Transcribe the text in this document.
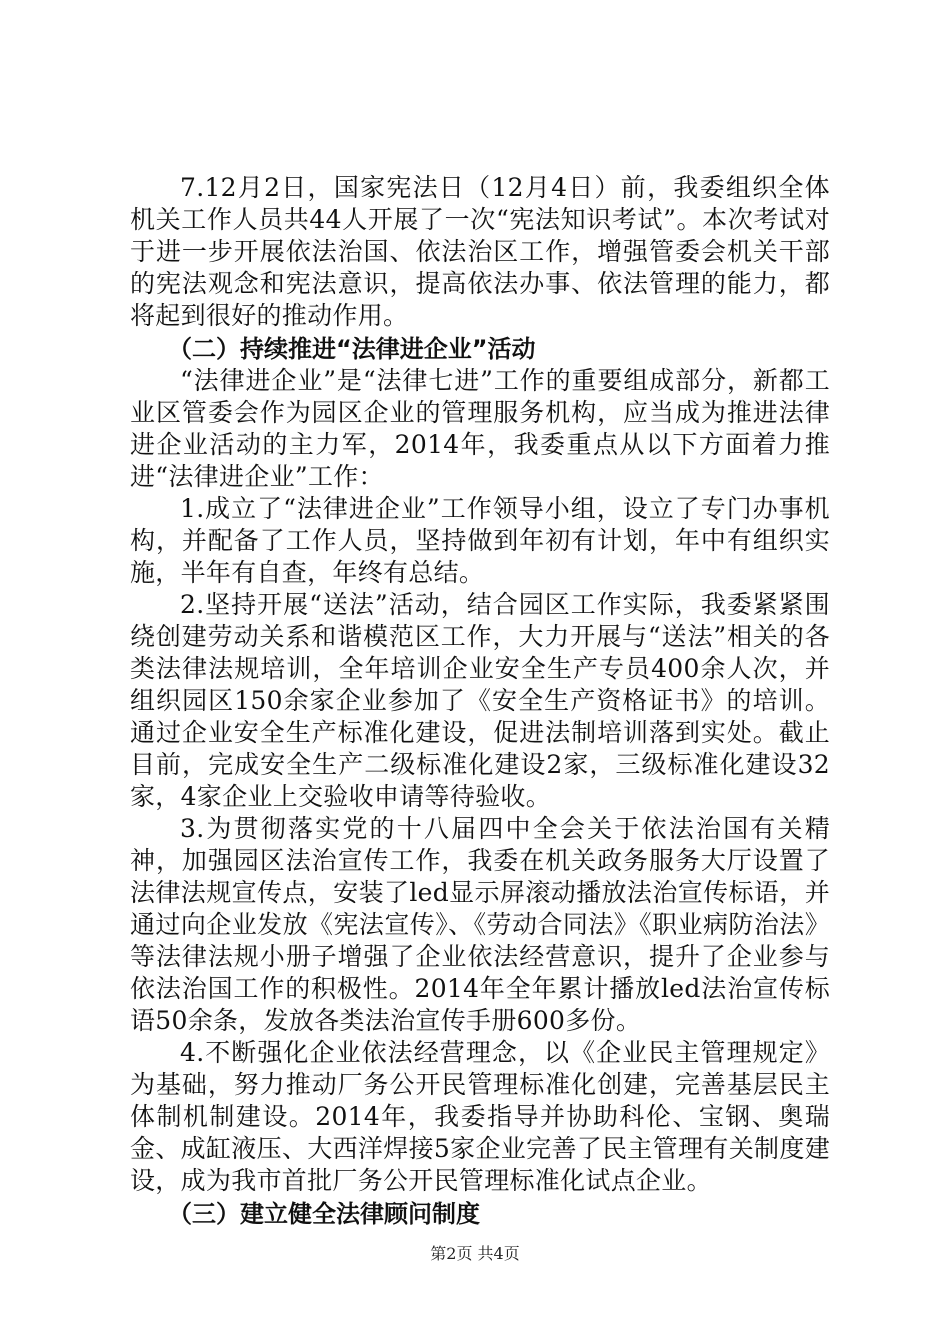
7.12月2日，国家宪法日（12月4日）前，我委组织全体机关工作人员共44人开展了一次“宪法知识考试”。本次考试对于进一步开展依法治国、依法治区工作，增强管委会机关干部的宪法观念和宪法意识，提高依法办事、依法管理的能力，都将起到很好的推动作用。

（二）持续推进“法律进企业”活动

“法律进企业”是“法律七进”工作的重要组成部分，新都工业区管委会作为园区企业的管理服务机构，应当成为推进法律进企业活动的主力军，2014年，我委重点从以下方面着力推进“法律进企业”工作：

1.成立了“法律进企业”工作领导小组，设立了专门办事机构，并配备了工作人员，坚持做到年初有计划，年中有组织实施，半年有自查，年终有总结。

2.坚持开展“送法”活动，结合园区工作实际，我委紧紧围绕创建劳动关系和谐模范区工作，大力开展与“送法”相关的各类法律法规培训，全年培训企业安全生产专员400余人次，并组织园区150余家企业参加了《安全生产资格证书》的培训。通过企业安全生产标准化建设，促进法制培训落到实处。截止目前，完成安全生产二级标准化建设2家，三级标准化建设32家，4家企业上交验收申请等待验收。

3.为贯彻落实党的十八届四中全会关于依法治国有关精神，加强园区法治宣传工作，我委在机关政务服务大厅设置了法律法规宣传点，安装了led显示屏滚动播放法治宣传标语，并通过向企业发放《宪法宣传》、《劳动合同法》《职业病防治法》等法律法规小册子增强了企业依法经营意识，提升了企业参与依法治国工作的积极性。2014年全年累计播放led法治宣传标语50余条，发放各类法治宣传手册600多份。

4.不断强化企业依法经营理念，以《企业民主管理规定》为基础，努力推动厂务公开民管理标准化创建，完善基层民主体制机制建设。2014年，我委指导并协助科伦、宝钢、奥瑞金、成缸液压、大西洋焊接5家企业完善了民主管理有关制度建设，成为我市首批厂务公开民管理标准化试点企业。

（三）建立健全法律顾问制度

第2页 共4页
